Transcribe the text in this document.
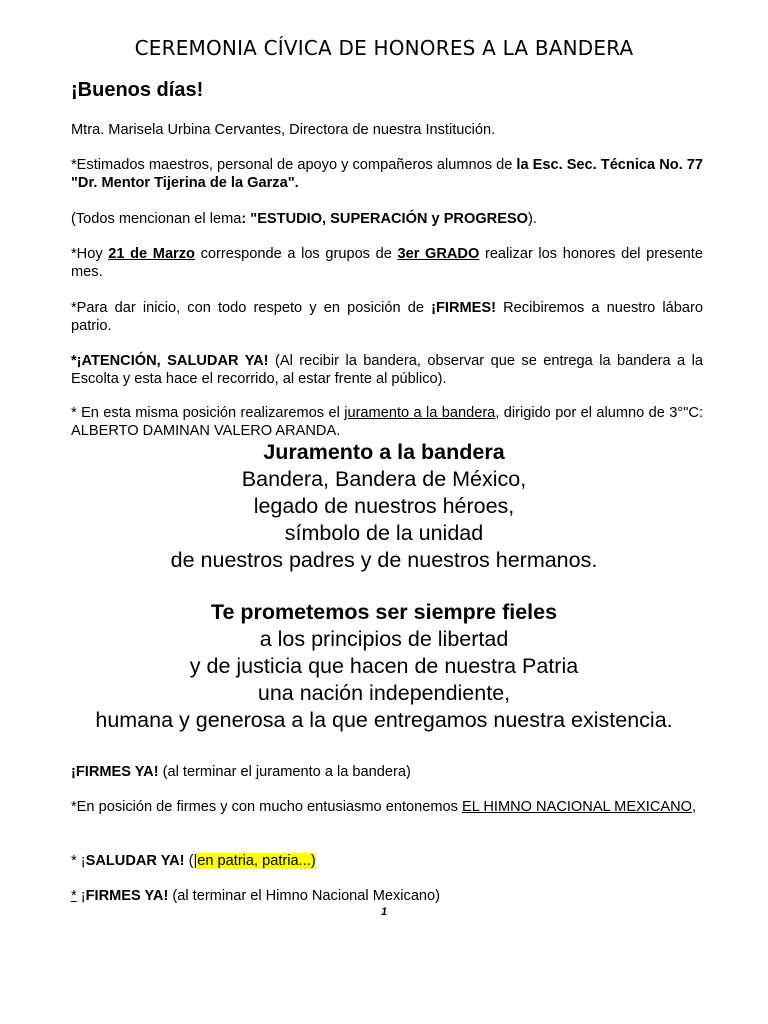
CEREMONIA CÍVICA DE HONORES A LA BANDERA
¡Buenos días!
Mtra. Marisela Urbina Cervantes, Directora de nuestra Institución.
*Estimados maestros, personal de apoyo y compañeros alumnos de la Esc. Sec. Técnica No. 77 "Dr. Mentor Tijerina de la Garza".
(Todos mencionan el lema: "ESTUDIO, SUPERACIÓN y PROGRESO).
*Hoy 21 de Marzo corresponde a los grupos de 3er GRADO realizar los honores del presente mes.
*Para dar inicio, con todo respeto y en posición de ¡FIRMES! Recibiremos a nuestro lábaro patrio.
*¡ATENCIÓN, SALUDAR YA! (Al recibir la bandera, observar que se entrega la bandera a la Escolta y esta hace el recorrido, al estar frente al público).
* En esta misma posición realizaremos el juramento a la bandera, dirigido por el alumno de 3°"C: ALBERTO DAMINAN VALERO ARANDA.
Juramento a la bandera
Bandera, Bandera de México,
legado de nuestros héroes,
símbolo de la unidad
de nuestros padres y de nuestros hermanos.
Te prometemos ser siempre fieles
a los principios de libertad
y de justicia que hacen de nuestra Patria
una nación independiente,
humana y generosa a la que entregamos nuestra existencia.
¡FIRMES YA! (al terminar el juramento a la bandera)
*En posición de firmes y con mucho entusiasmo entonemos EL HIMNO NACIONAL MEXICANO,
* ¡SALUDAR YA! (|en patria, patria...)
* ¡FIRMES YA! (al terminar el Himno Nacional Mexicano)
1
